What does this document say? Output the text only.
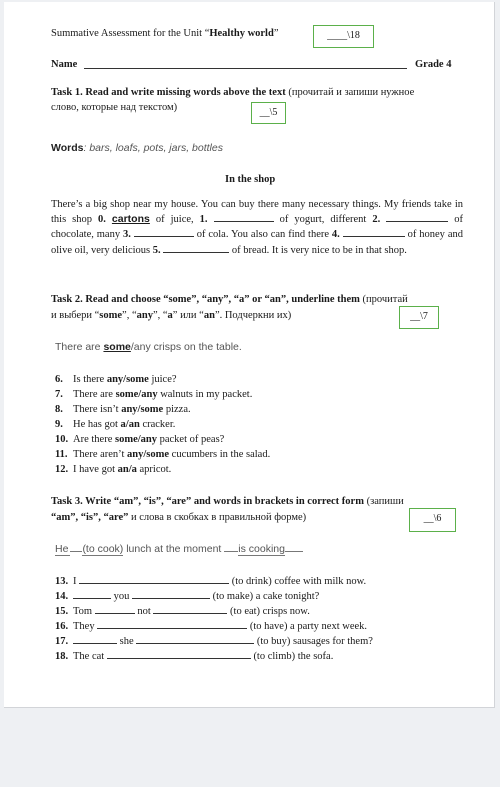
Summative Assessment for the Unit “Healthy world”	____\18
Name	Grade 4
Task 1. Read and write missing words above the text (прочитай и запиши нужное
слово, которые над текстом)	__\5
Words: bars, loafs, pots, jars, bottles
In the shop
There’s a big shop near my house. You can buy there many necessary things. My friends take in this shop 0. cartons of juice, 1.	of yogurt, different 2.	of chocolate, many 3.	of cola. You also can find there 4.	of honey and olive oil, very delicious 5.	of bread. It is very nice to be in that shop.
Task 2. Read and choose “some”, “any”, “a” or “an”, underline them (прочитай
и выбери “some”, “any”, “a” или “an”. Подчеркни их)	__\7
There are some/any crisps on the table.
6. Is there any/some juice?
7. There are some/any walnuts in my packet.
8. There isn’t any/some pizza.
9. He has got a/an cracker.
10. Are there some/any packet of peas?
11. There aren’t any/some cucumbers in the salad.
12. I have got an/a apricot.
Task 3. Write “am”, “is”, “are” and words in brackets in correct form (запиши
“am”, “is”, “are” и слова в скобках в правильной форме)	__\6
He (to cook) lunch at the moment is cooking
13. I	(to drink) coffee with milk now.
14.	you	(to make) a cake tonight?
15. Tom	not	(to eat) crisps now.
16. They	(to have) a party next week.
17.	she	(to buy) sausages for them?
18. The cat	(to climb) the sofa.
